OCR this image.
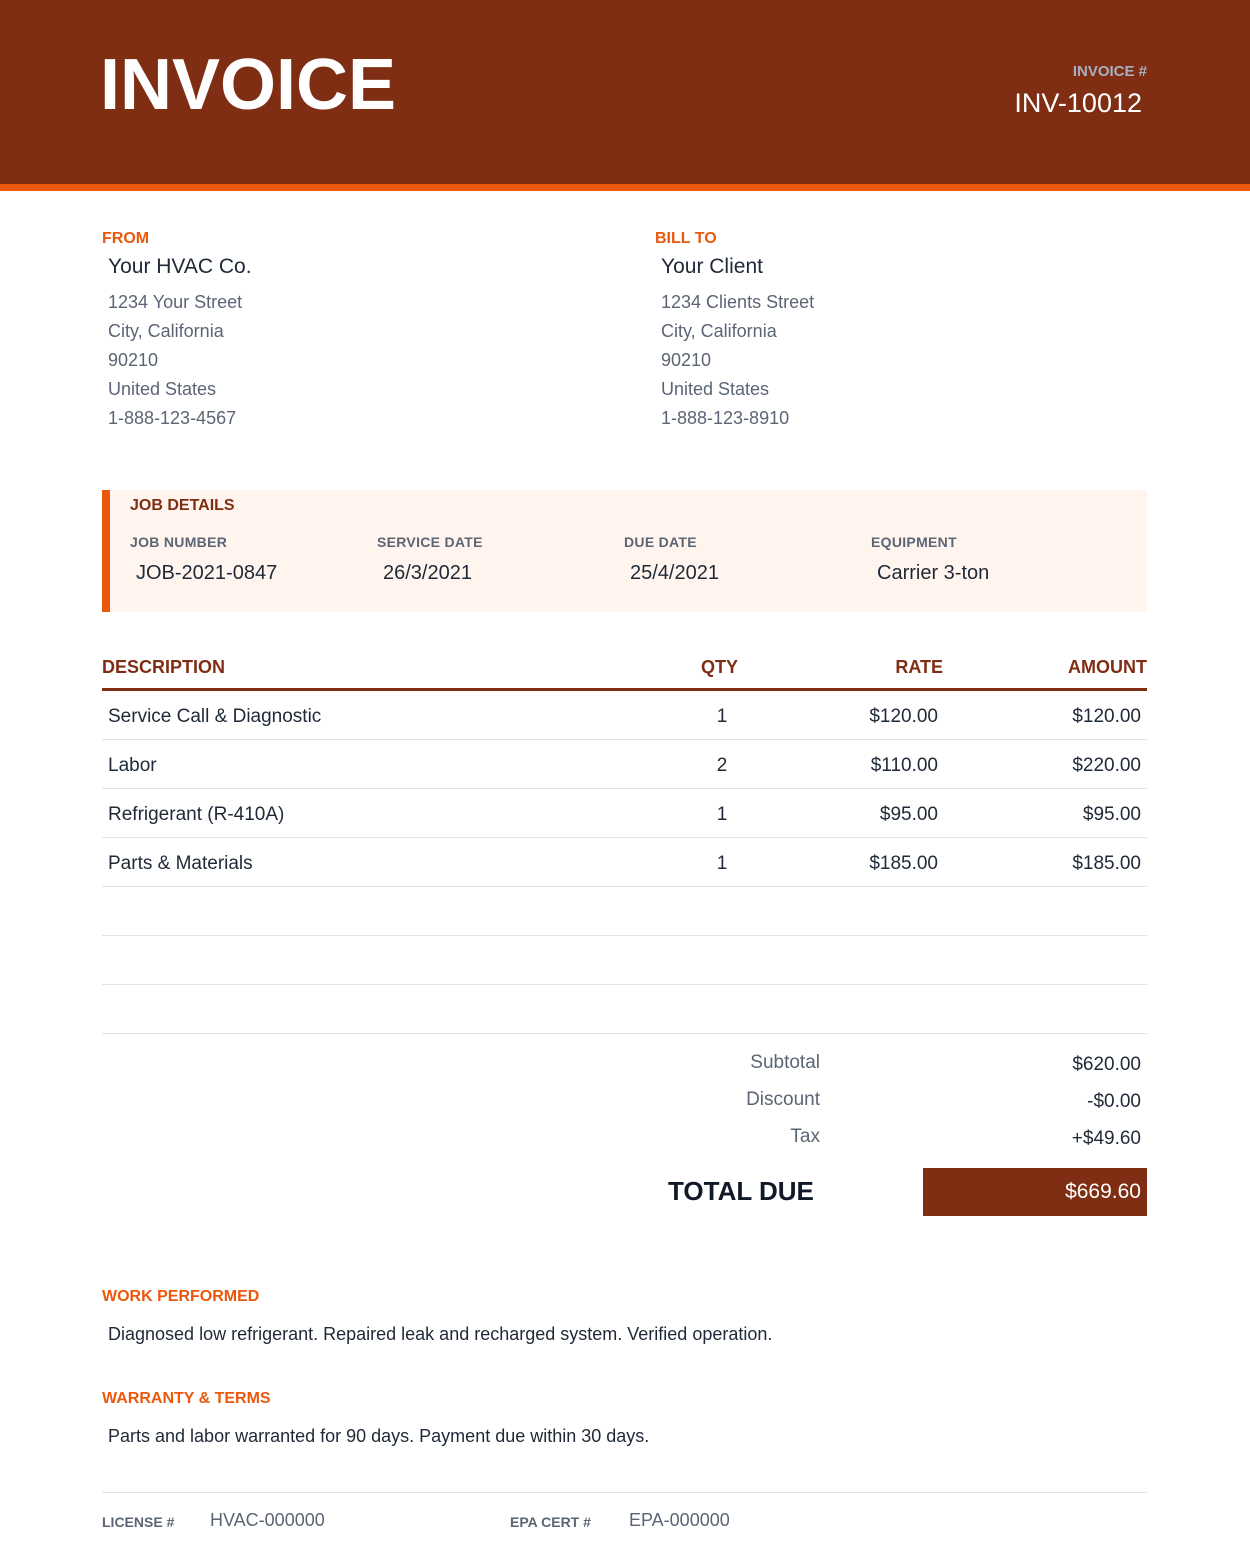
INVOICE	INVOICE #
INV-10012
FROM
Your HVAC Co.
1234 Your Street
City, California
90210
United States
1-888-123-4567
BILL TO
Your Client
1234 Clients Street
City, California
90210
United States
1-888-123-8910
JOB DETAILS
JOB NUMBER
JOB-2021-0847
SERVICE DATE
26/3/2021
DUE DATE
25/4/2021
EQUIPMENT
Carrier 3-ton
DESCRIPTION	QTY	RATE	AMOUNT
Service Call & Diagnostic	1	$120.00	$120.00
Labor	2	$110.00	$220.00
Refrigerant (R-410A)	1	$95.00	$95.00
Parts & Materials	1	$185.00	$185.00
Subtotal	$620.00
Discount	-$0.00
Tax	+$49.60
TOTAL DUE	$669.60
WORK PERFORMED
Diagnosed low refrigerant. Repaired leak and recharged system. Verified operation.
WARRANTY & TERMS
Parts and labor warranted for 90 days. Payment due within 30 days.
LICENSE # HVAC-000000	EPA CERT # EPA-000000
